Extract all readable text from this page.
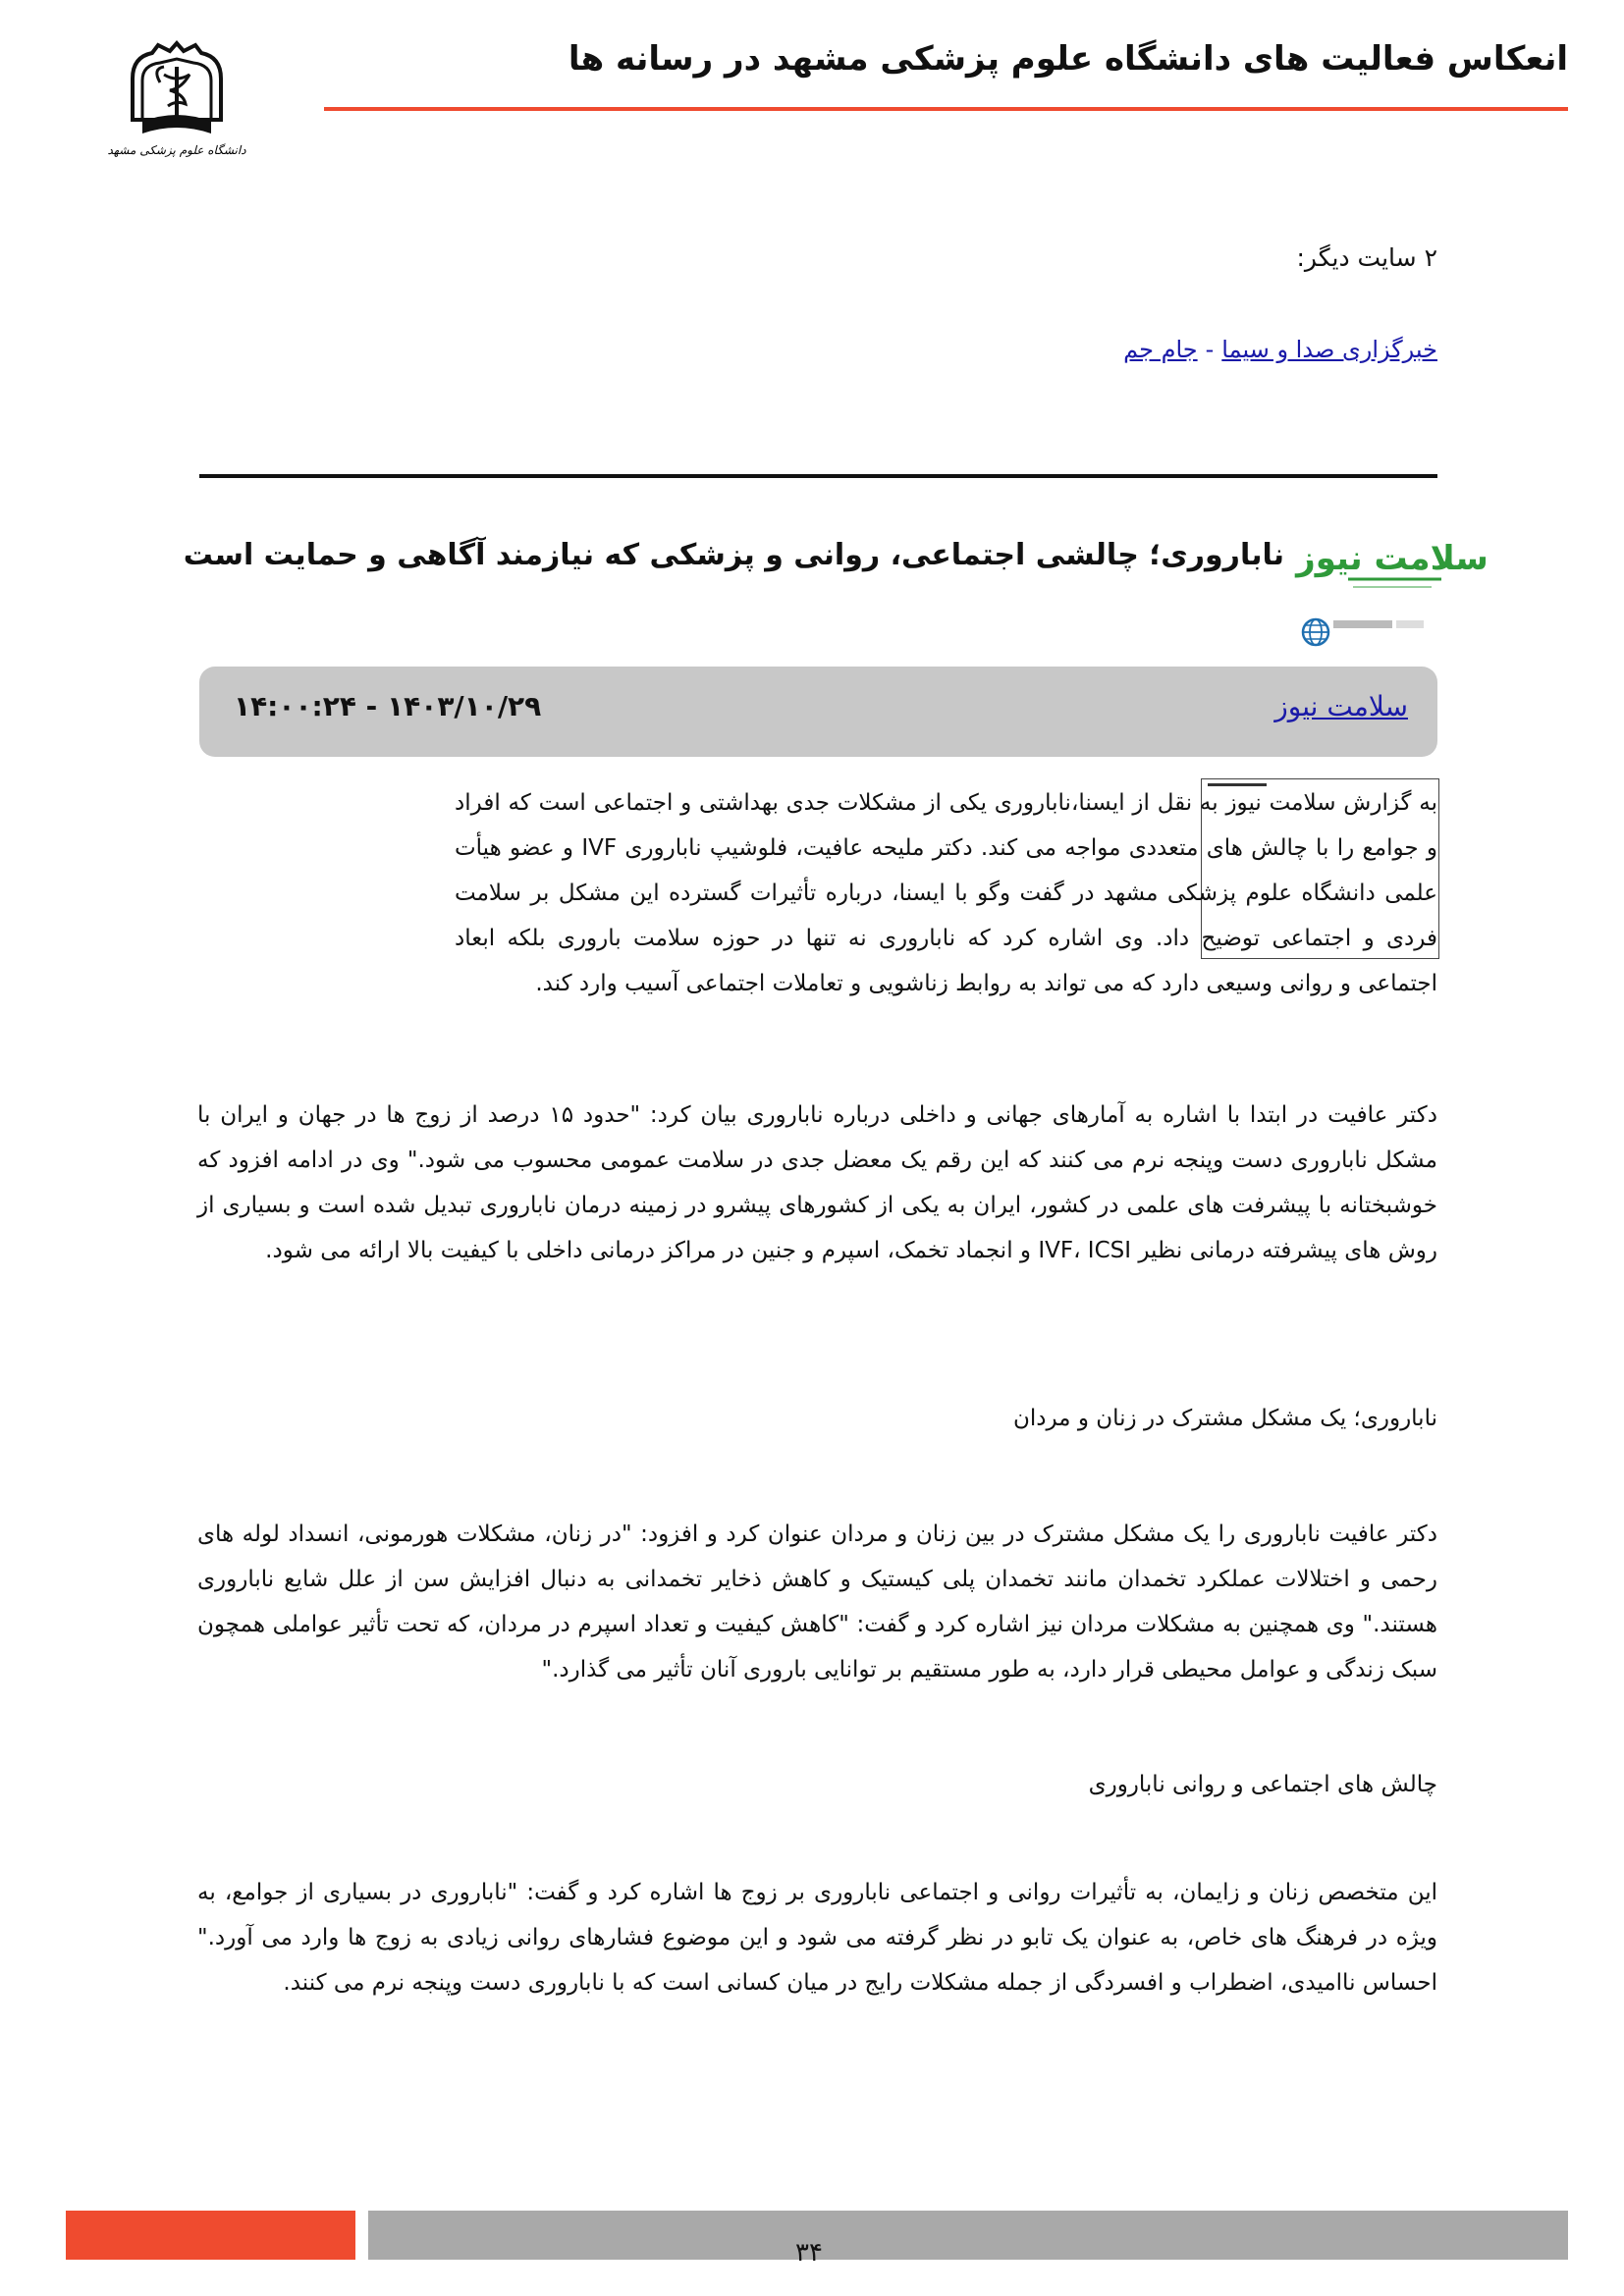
انعکاس فعالیت های دانشگاه علوم پزشکی مشهد در رسانه ها
دانشگاه علوم پزشکی مشهد
۲ سایت دیگر:
خبرگزاری صدا و سیما-جام جم
ناباروری؛ چالشی اجتماعی، روانی و پزشکی که نیازمند آگاهی و حمایت است سلامت نیوز
سلامت نیوز
۱۴۰۳/۱۰/۲۹ - ۱۴:۰۰:۲۴

به گزارش سلامت نیوز به نقل از ایسنا،ناباروری یکی از مشکلات جدی بهداشتی و اجتماعی است که افراد و جوامع را با چالش های متعددی مواجه می کند. دکتر ملیحه عافیت، فلوشیپ ناباروری IVF و عضو هیأت علمی دانشگاه علوم پزشکی مشهد در گفت وگو با ایسنا، درباره تأثیرات گسترده این مشکل بر سلامت فردی و اجتماعی توضیح داد. وی اشاره کرد که ناباروری نه تنها در حوزه سلامت باروری بلکه ابعاد اجتماعی و روانی وسیعی دارد که می تواند به روابط زناشویی و تعاملات اجتماعی آسیب وارد کند.

دکتر عافیت در ابتدا با اشاره به آمارهای جهانی و داخلی درباره ناباروری بیان کرد: "حدود ۱۵ درصد از زوج ها در جهان و ایران با مشکل ناباروری دست وپنجه نرم می کنند که این رقم یک معضل جدی در سلامت عمومی محسوب می شود." وی در ادامه افزود که خوشبختانه با پیشرفت های علمی در کشور، ایران به یکی از کشورهای پیشرو در زمینه درمان ناباروری تبدیل شده است و بسیاری از روش های پیشرفته درمانی نظیر IVF، ICSI و انجماد تخمک، اسپرم و جنین در مراکز درمانی داخلی با کیفیت بالا ارائه می شود.

ناباروری؛ یک مشکل مشترک در زنان و مردان

دکتر عافیت ناباروری را یک مشکل مشترک در بین زنان و مردان عنوان کرد و افزود: "در زنان، مشکلات هورمونی، انسداد لوله های رحمی و اختلالات عملکرد تخمدان مانند تخمدان پلی کیستیک و کاهش ذخایر تخمدانی به دنبال افزایش سن از علل شایع ناباروری هستند." وی همچنین به مشکلات مردان نیز اشاره کرد و گفت: "کاهش کیفیت و تعداد اسپرم در مردان، که تحت تأثیر عواملی همچون سبک زندگی و عوامل محیطی قرار دارد، به طور مستقیم بر توانایی باروری آنان تأثیر می گذارد."

چالش های اجتماعی و روانی ناباروری

این متخصص زنان و زایمان، به تأثیرات روانی و اجتماعی ناباروری بر زوج ها اشاره کرد و گفت: "ناباروری در بسیاری از جوامع، به ویژه در فرهنگ های خاص، به عنوان یک تابو در نظر گرفته می شود و این موضوع فشارهای روانی زیادی به زوج ها وارد می آورد." احساس ناامیدی، اضطراب و افسردگی از جمله مشکلات رایج در میان کسانی است که با ناباروری دست وپنجه نرم می کنند.

۳۴
